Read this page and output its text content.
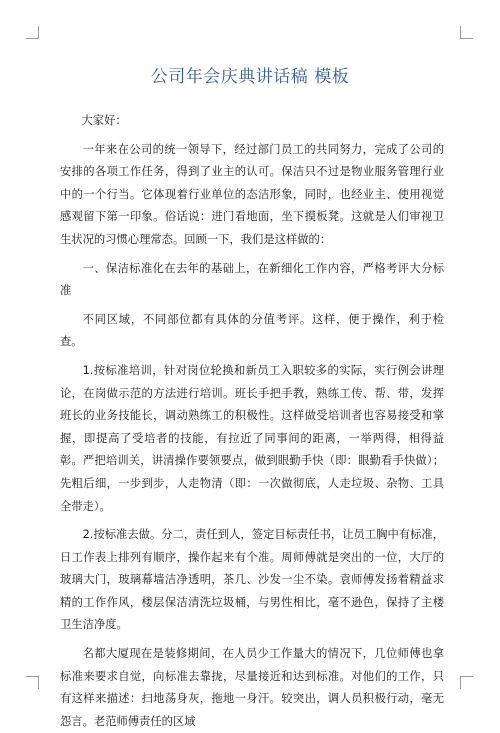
公司年会庆典讲话稿 模板

大家好：

一年来在公司的统一领导下，经过部门员工的共同努力，完成了公司的安排的各项工作任务，得到了业主的认可。保洁只不过是物业服务管理行业中的一个行当。它体现着行业单位的态洁形象，同时，也经业主、使用视觉感观留下第一印象。俗话说：进门看地面，坐下摸板凳。这就是人们审视卫生状况的习惯心理常态。回顾一下，我们是这样做的：

一、保洁标准化在去年的基础上，在新细化工作内容，严格考评大分标准

不同区域，不同部位都有具体的分值考评。这样，便于操作，利于检查。

1.按标准培训，针对岗位轮换和新员工入职较多的实际，实行例会讲理论，在岗做示范的方法进行培训。班长手把手教，熟练工传、帮、带，发挥班长的业务技能长，调动熟练工的积极性。这样做受培训者也容易接受和掌握，即提高了受培者的技能，有拉近了同事间的距离，一举两得，相得益彰。严把培训关，讲清操作要领要点，做到眼勤手快（即：眼勤看手快做）；先粗后细，一步到步，人走物清（即：一次做彻底，人走垃圾、杂物、工具全带走）。

2.按标准去做。分二，责任到人，签定目标责任书，让员工胸中有标准，日工作表上排列有顺序，操作起来有个准。周师傅就是突出的一位，大厅的玻璃大门，玻璃幕墙洁净透明，茶几、沙发一尘不染。袁师傅发扬着精益求精的工作作风，楼层保洁清洗垃圾桶，与男性相比，毫不逊色，保持了主楼卫生洁净度。

名都大厦现在是装修期间，在人员少工作量大的情况下，几位师傅也拿标准来要求自觉，向标准去靠拢，尽量接近和达到标准。对他们的工作，只有这样来描述：扫地荡身灰，拖地一身汗。较突出，调人员积极行动，毫无怨言。老范师傅责任的区域
